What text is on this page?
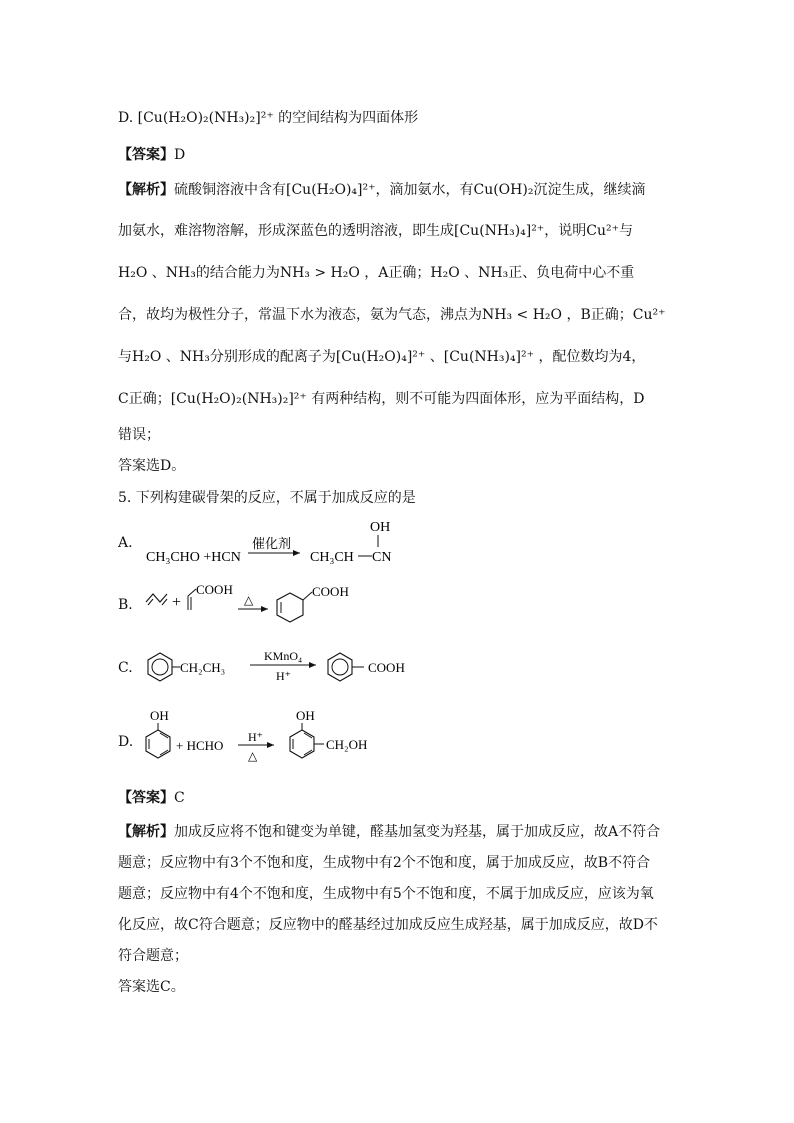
D. [Cu(H₂O)₂(NH₃)₂]²⁺ 的空间结构为四面体形
【答案】D
【解析】硫酸铜溶液中含有[Cu(H₂O)₄]²⁺，滴加氨水，有Cu(OH)₂沉淀生成，继续滴
加氨水，难溶物溶解，形成深蓝色的透明溶液，即生成[Cu(NH₃)₄]²⁺，说明Cu²⁺与
H₂O 、NH₃的结合能力为NH₃ > H₂O ，A正确；H₂O 、NH₃正、负电荷中心不重
合，故均为极性分子，常温下水为液态，氨为气态，沸点为NH₃ < H₂O ，B正确；Cu²⁺
与H₂O 、NH₃分别形成的配离子为[Cu(H₂O)₄]²⁺ 、[Cu(NH₃)₄]²⁺ ，配位数均为4，
C正确；[Cu(H₂O)₂(NH₃)₂]²⁺ 有两种结构，则不可能为四面体形，应为平面结构，D
错误；
答案选D。
5. 下列构建碳骨架的反应，不属于加成反应的是
A.
CH₃CHO +HCN
催化剂
CH₃CH CN
OH
B. +
COOH
△
COOH
C.	CH₂CH₃
KMnO₄
H⁺
COOH
D.
OH
+ HCHO
H⁺
△
OH
CH₂OH
【答案】C
【解析】加成反应将不饱和键变为单键，醛基加氢变为羟基，属于加成反应，故A不符合
题意；反应物中有3个不饱和度，生成物中有2个不饱和度，属于加成反应，故B不符合
题意；反应物中有4个不饱和度，生成物中有5个不饱和度，不属于加成反应，应该为氧
化反应，故C符合题意；反应物中的醛基经过加成反应生成羟基，属于加成反应，故D不
符合题意；
答案选C。
